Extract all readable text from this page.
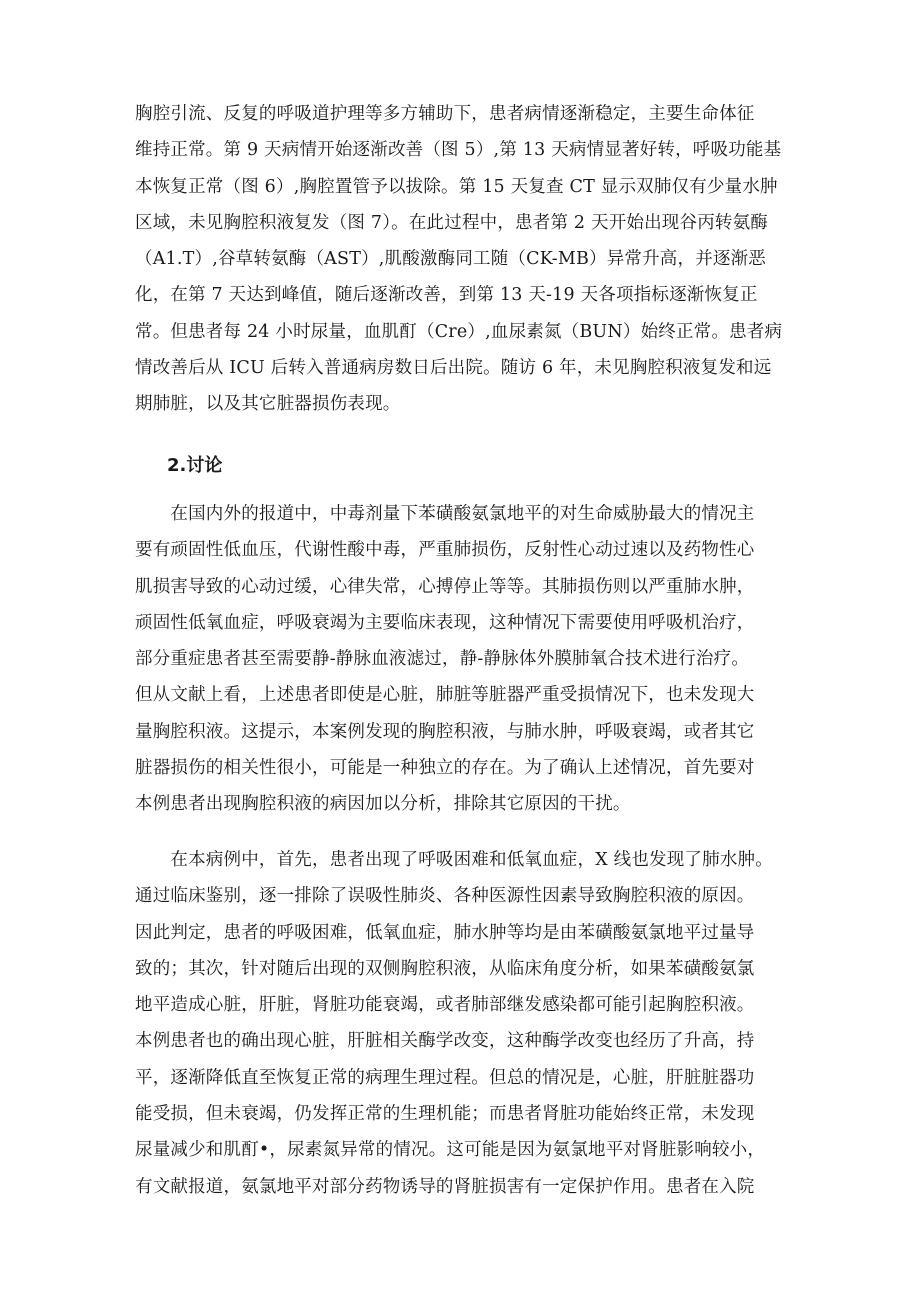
胸腔引流、反复的呼吸道护理等多方辅助下，患者病情逐渐稳定，主要生命体征
维持正常。第 9 天病情开始逐渐改善（图 5）,第 13 天病情显著好转，呼吸功能基
本恢复正常（图 6）,胸腔置管予以拔除。第 15 天复查 CT 显示双肺仅有少量水肿
区域，未见胸腔积液复发（图 7）。在此过程中，患者第 2 天开始出现谷丙转氨酶
（A1.T）,谷草转氨酶（AST）,肌酸激酶同工随（CK-MB）异常升高，并逐渐恶
化，在第 7 天达到峰值，随后逐渐改善，到第 13 天-19 天各项指标逐渐恢复正
常。但患者每 24 小时尿量，血肌酊（Cre）,血尿素氮（BUN）始终正常。患者病
情改善后从 ICU 后转入普通病房数日后出院。随访 6 年，未见胸腔积液复发和远
期肺脏，以及其它脏器损伤表现。
2.讨论
　　在国内外的报道中，中毒剂量下苯磺酸氨氯地平的对生命威胁最大的情况主
要有顽固性低血压，代谢性酸中毒，严重肺损伤，反射性心动过速以及药物性心
肌损害导致的心动过缓，心律失常，心搏停止等等。其肺损伤则以严重肺水肿，
顽固性低氧血症，呼吸衰竭为主要临床表现，这种情况下需要使用呼吸机治疗，
部分重症患者甚至需要静-静脉血液滤过，静-静脉体外膜肺氧合技术进行治疗。
但从文献上看，上述患者即使是心脏，肺脏等脏器严重受损情况下，也未发现大
量胸腔积液。这提示，本案例发现的胸腔积液，与肺水肿，呼吸衰竭，或者其它
脏器损伤的相关性很小，可能是一种独立的存在。为了确认上述情况，首先要对
本例患者出现胸腔积液的病因加以分析，排除其它原因的干扰。
　　在本病例中，首先，患者出现了呼吸困难和低氧血症，X 线也发现了肺水肿。
通过临床鉴别，逐一排除了误吸性肺炎、各种医源性因素导致胸腔积液的原因。
因此判定，患者的呼吸困难，低氧血症，肺水肿等均是由苯磺酸氨氯地平过量导
致的；其次，针对随后出现的双侧胸腔积液，从临床角度分析，如果苯磺酸氨氯
地平造成心脏，肝脏，肾脏功能衰竭，或者肺部继发感染都可能引起胸腔积液。
本例患者也的确出现心脏，肝脏相关酶学改变，这种酶学改变也经历了升高，持
平，逐渐降低直至恢复正常的病理生理过程。但总的情况是，心脏，肝脏脏器功
能受损，但未衰竭，仍发挥正常的生理机能；而患者肾脏功能始终正常，未发现
尿量减少和肌酊•，尿素氮异常的情况。这可能是因为氨氯地平对肾脏影响较小，
有文献报道，氨氯地平对部分药物诱导的肾脏损害有一定保护作用。患者在入院
